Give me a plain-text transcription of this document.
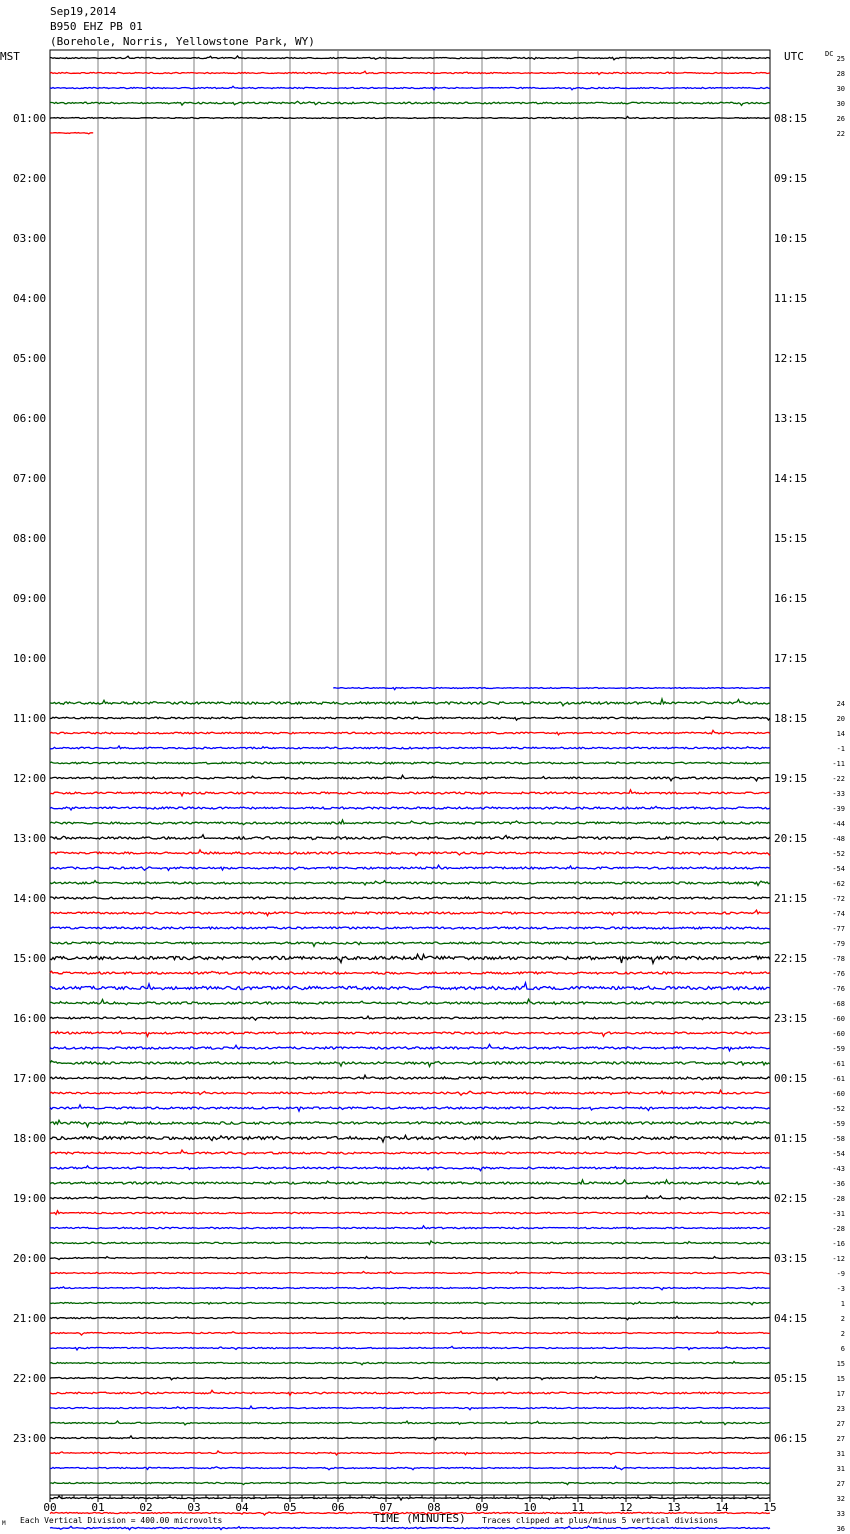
00	01	02	03	04	05	06	07	08	09	10	11	12	13	14	15
01:00	08:15
02:00	09:15
03:00	10:15
04:00	11:15
05:00	12:15
06:00	13:15
07:00	14:15
08:00	15:15
09:00	16:15
10:00	17:15
11:00	18:15
12:00	19:15
13:00	20:15
14:00	21:15
15:00	22:15
16:00	23:15
17:00	00:15
18:00	01:15
19:00	02:15
20:00	03:15
21:00	04:15
22:00	05:15
23:00	06:15
25
28
30
30
26
22
24
20
14
-1
-11
-22
-33
-39
-44
-48
-52
-54
-62
-72
-74
-77
-79
-78
-76
-76
-68
-60
-60
-59
-61
-61
-60
-52
-59
-58
-54
-43
-36
-28
-31
-28
-16
-12
-9
-3
1
2
2
6
15
15
17
23
27
27
31
31
27
32
33
36
Sep19,2014
B950 EHZ PB 01
(Borehole, Norris, Yellowstone Park, WY)
MST	UTC	DC
TIME (MINUTES)
Each Vertical Division = 400.00 microvolts	Traces clipped at plus/minus 5 vertical divisions
M
